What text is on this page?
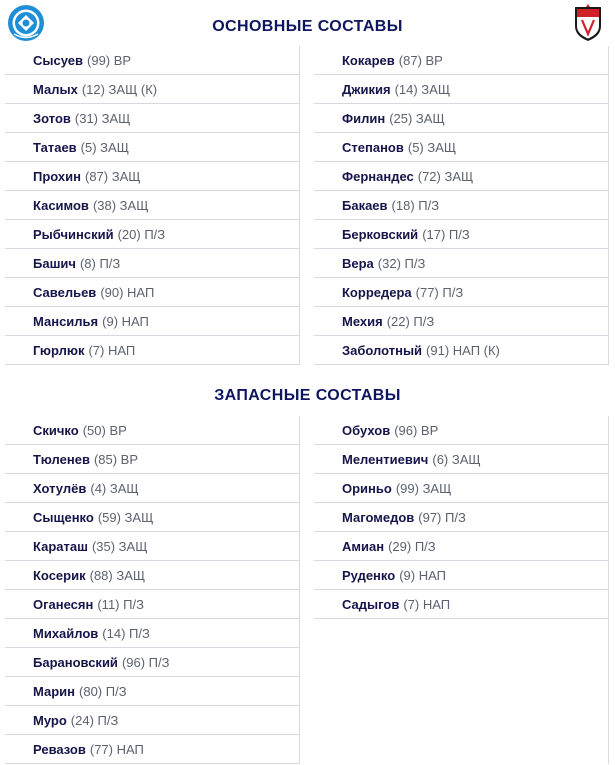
ОСНОВНЫЕ СОСТАВЫ
Сысуев (99) ВР
Малых (12) ЗАЩ (К)
Зотов (31) ЗАЩ
Татаев (5) ЗАЩ
Прохин (87) ЗАЩ
Касимов (38) ЗАЩ
Рыбчинский (20) П/З
Башич (8) П/З
Савельев (90) НАП
Мансилья (9) НАП
Гюрлюк (7) НАП
Кокарев (87) ВР
Джикия (14) ЗАЩ
Филин (25) ЗАЩ
Степанов (5) ЗАЩ
Фернандес (72) ЗАЩ
Бакаев (18) П/З
Берковский (17) П/З
Вера (32) П/З
Корредера (77) П/З
Мехия (22) П/З
Заболотный (91) НАП (К)
ЗАПАСНЫЕ СОСТАВЫ
Скичко (50) ВР
Тюленев (85) ВР
Хотулёв (4) ЗАЩ
Сыщенко (59) ЗАЩ
Караташ (35) ЗАЩ
Косерик (88) ЗАЩ
Оганесян (11) П/З
Михайлов (14) П/З
Барановский (96) П/З
Марин (80) П/З
Муро (24) П/З
Ревазов (77) НАП
Обухов (96) ВР
Мелентиевич (6) ЗАЩ
Ориньо (99) ЗАЩ
Магомедов (97) П/З
Амиан (29) П/З
Руденко (9) НАП
Садыгов (7) НАП
